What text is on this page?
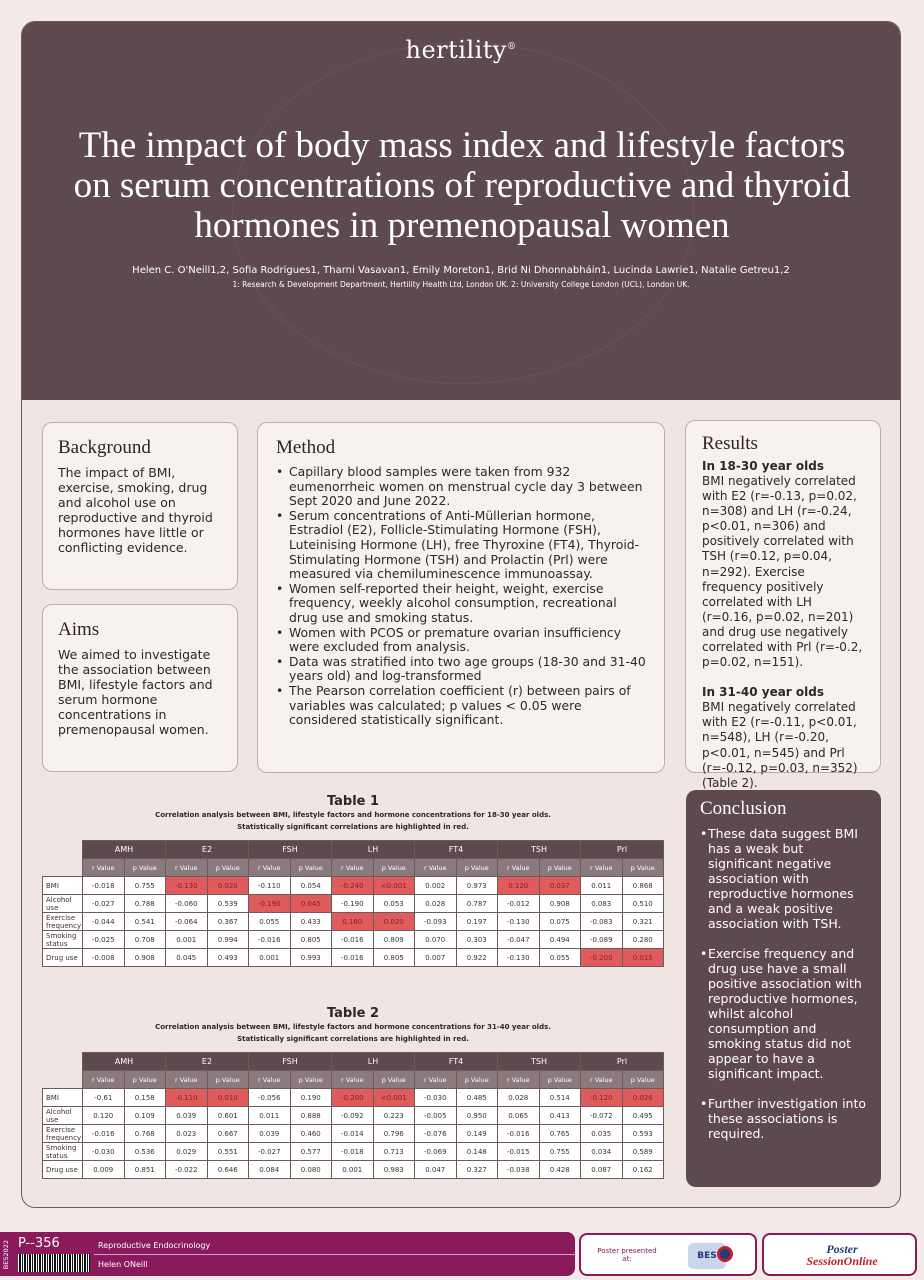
hertility®
The impact of body mass index and lifestyle factors on serum concentrations of reproductive and thyroid hormones in premenopausal women
Helen C. O'Neill1,2, Sofia Rodrigues1, Tharni Vasavan1, Emily Moreton1, Brid Ni Dhonnabháin1, Lucinda Lawrie1, Natalie Getreu1,2
1: Research & Development Department, Hertility Health Ltd, London UK. 2: University College London (UCL), London UK.
Background

The impact of BMI, exercise, smoking, drug and alcohol use on reproductive and thyroid hormones have little or conflicting evidence.

Aims

We aimed to investigate the association between BMI, lifestyle factors and serum hormone concentrations in premenopausal women.

Method
• Capillary blood samples were taken from 932 eumenorrheic women on menstrual cycle day 3 between Sept 2020 and June 2022.
• Serum concentrations of Anti-Müllerian hormone, Estradiol (E2), Follicle-Stimulating Hormone (FSH), Luteinising Hormone (LH), free Thyroxine (FT4), Thyroid-Stimulating Hormone (TSH) and Prolactin (Prl) were measured via chemiluminescence immunoassay.
• Women self-reported their height, weight, exercise frequency, weekly alcohol consumption, recreational drug use and smoking status.
• Women with PCOS or premature ovarian insufficiency were excluded from analysis.
• Data was stratified into two age groups (18-30 and 31-40 years old) and log-transformed
• The Pearson correlation coefficient (r) between pairs of variables was calculated; p values < 0.05 were considered statistically significant.
Results
In 18-30 year olds

BMI negatively correlated with E2 (r=-0.13, p=0.02, n=308) and LH (r=-0.24, p<0.01, n=306) and positively correlated with TSH (r=0.12, p=0.04, n=292). Exercise frequency positively correlated with LH (r=0.16, p=0.02, n=201) and drug use negatively correlated with Prl (r=-0.2, p=0.02, n=151).

In 31-40 year olds

BMI negatively correlated with E2 (r=-0.11, p<0.01, n=548), LH (r=-0.20, p<0.01, n=545) and Prl (r=-0.12, p=0.03, n=352) (Table 2).

Conclusion
• These data suggest BMI has a weak but significant negative association with reproductive hormones and a weak positive association with TSH.
• Exercise frequency and drug use have a small positive association with reproductive hormones, whilst alcohol consumption and smoking status did not appear to have a significant impact.
• Further investigation into these associations is required.
Table 1
Correlation analysis between BMI, lifestyle factors and hormone concentrations for 18-30 year olds.
Statistically significant correlations are highlighted in red.
	AMH		E2		FSH		LH		FT4		TSH		Prl	
	r Value	p Value	r Value	p Value	r Value	p Value	r Value	p Value	r Value	p Value	r Value	p Value	r Value	p Value
BMI	-0.018	0.755	-0.130	0.020	-0.110	0.054	-0.240	<0.001	0.002	0.973	0.120	0.037	0.011	0.868
Alcohol use	-0.027	0.788	-0.060	0.539	-0.190	0.045	-0.190	0.053	0.028	0.787	-0.012	0.908	0.083	0.510
Exercise frequency	-0.044	0.541	-0.064	0.367	0.055	0.433	0.160	0.020	-0.093	0.197	-0.130	0.075	-0.083	0.321
Smoking status	-0.025	0.708	0.001	0.994	-0.016	0.805	-0.016	0.809	0.070	0.303	-0.047	0.494	-0.089	0.280
Drug use	-0.008	0.908	0.045	0.493	0.001	0.993	-0.016	0.805	0.007	0.922	-0.130	0.055	-0.200	0.015
Table 2
Correlation analysis between BMI, lifestyle factors and hormone concentrations for 31-40 year olds.
Statistically significant correlations are highlighted in red.
	AMH		E2		FSH		LH		FT4		TSH		Prl	
	r Value	p Value	r Value	p Value	r Value	p Value	r Value	p Value	r Value	p Value	r Value	p Value	r Value	p Value
BMI	-0.61	0.158	-0.110	0.010	-0.056	0.190	-0.200	<0.001	-0.030	0.485	0.028	0.514	-0.120	0.026
Alcohol use	0.120	0.109	0.039	0.601	0.011	0.888	-0.092	0.223	-0.005	0.950	0.065	0.413	-0.072	0.495
Exercise frequency	-0.016	0.768	0.023	0.667	0.039	0.460	-0.014	0.796	-0.076	0.149	-0.016	0.765	0.035	0.593
Smoking status	-0.030	0.536	0.029	0.551	-0.027	0.577	-0.018	0.713	-0.069	0.148	-0.015	0.755	0.034	0.589
Drug use	0.009	0.851	-0.022	0.646	0.084	0.080	0.001	0.983	0.047	0.327	-0.038	0.428	0.087	0.162
BES2022 P--356	Reproductive Endocrinology
Helen ONeill
Poster presented at:	BES	Poster
SessionOnline
